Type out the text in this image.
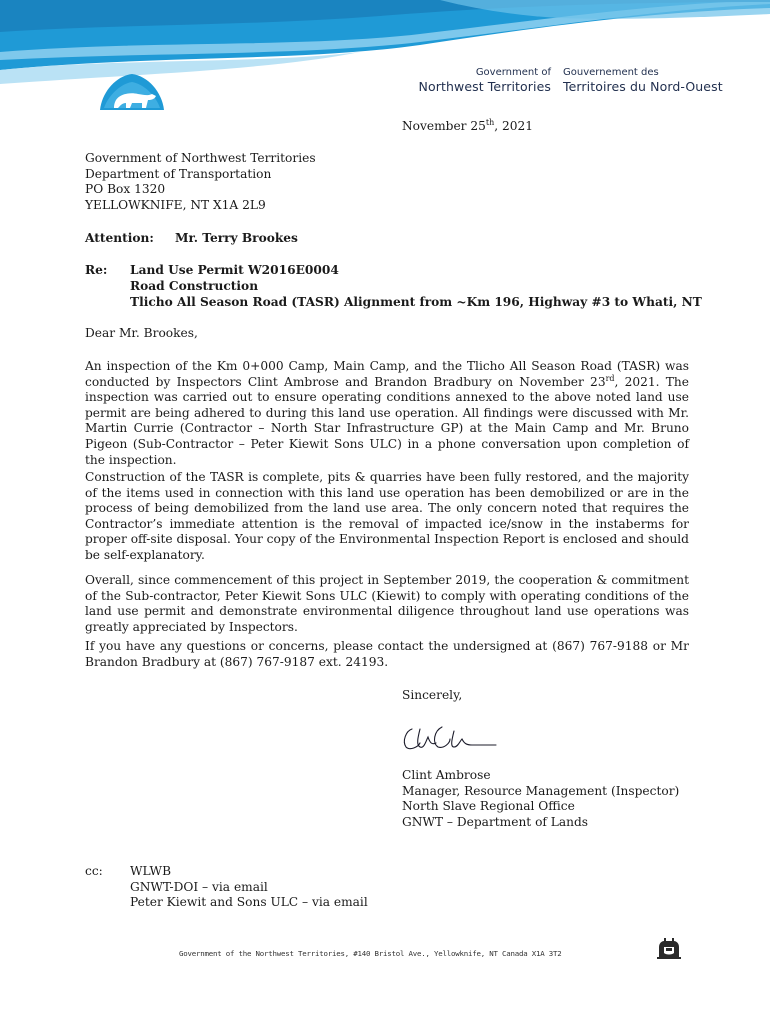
Government of
Northwest Territories
Gouvernement des
Territoires du Nord-Ouest
November 25th, 2021
Government of Northwest Territories
Department of Transportation
PO Box 1320
YELLOWKNIFE, NT X1A 2L9
Attention: Mr. Terry Brookes
Re: Land Use Permit W2016E0004
Road Construction
Tlicho All Season Road (TASR) Alignment from ~Km 196, Highway #3 to Whati, NT
Dear Mr. Brookes,
An inspection of the Km 0+000 Camp, Main Camp, and the Tlicho All Season Road (TASR) was conducted by Inspectors Clint Ambrose and Brandon Bradbury on November 23rd, 2021. The inspection was carried out to ensure operating conditions annexed to the above noted land use permit are being adhered to during this land use operation. All findings were discussed with Mr. Martin Currie (Contractor – North Star Infrastructure GP) at the Main Camp and Mr. Bruno Pigeon (Sub-Contractor – Peter Kiewit Sons ULC) in a phone conversation upon completion of the inspection.
Construction of the TASR is complete, pits & quarries have been fully restored, and the majority of the items used in connection with this land use operation has been demobilized or are in the process of being demobilized from the land use area. The only concern noted that requires the Contractor’s immediate attention is the removal of impacted ice/snow in the instaberms for proper off-site disposal. Your copy of the Environmental Inspection Report is enclosed and should be self-explanatory.
Overall, since commencement of this project in September 2019, the cooperation & commitment of the Sub-contractor, Peter Kiewit Sons ULC (Kiewit) to comply with operating conditions of the land use permit and demonstrate environmental diligence throughout land use operations was greatly appreciated by Inspectors.
If you have any questions or concerns, please contact the undersigned at (867) 767-9188 or Mr Brandon Bradbury at (867) 767-9187 ext. 24193.
Sincerely,
Clint Ambrose
Manager, Resource Management (Inspector)
North Slave Regional Office
GNWT – Department of Lands
cc: WLWB
GNWT-DOI – via email
Peter Kiewit and Sons ULC – via email
Government of the Northwest Territories, #140 Bristol Ave., Yellowknife, NT Canada X1A 3T2
